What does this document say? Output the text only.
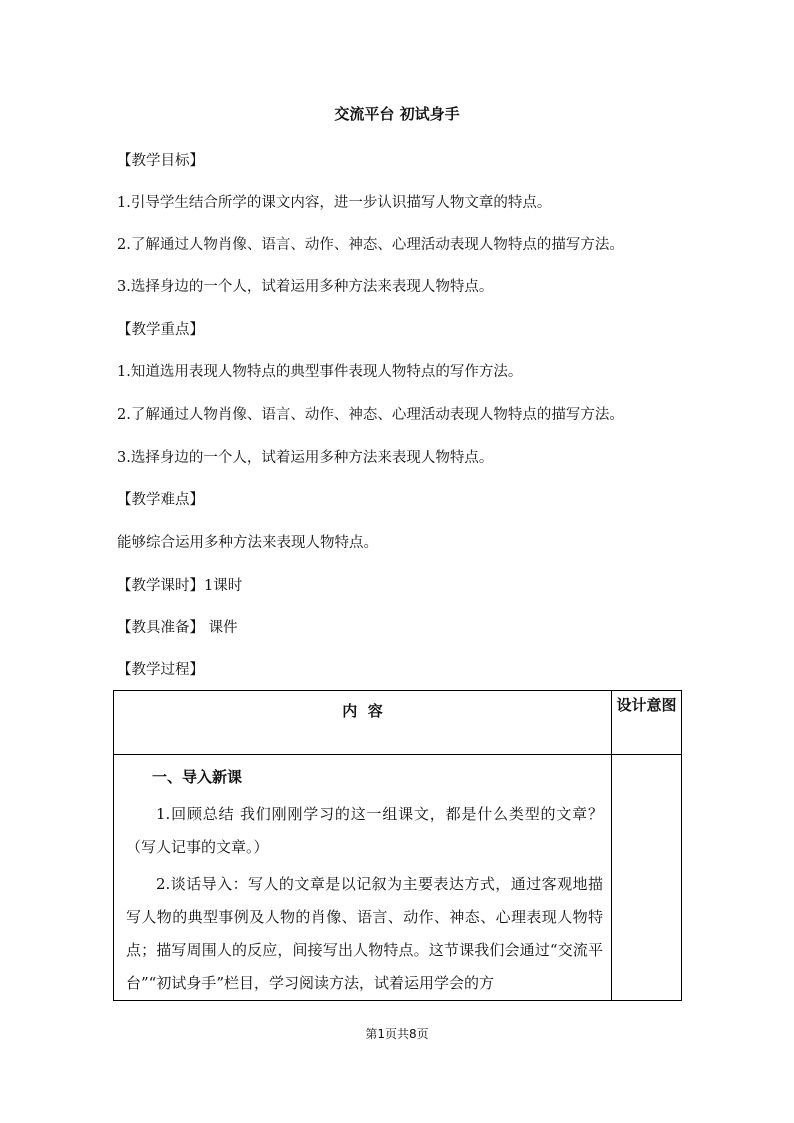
交流平台 初试身手
【教学目标】
1.引导学生结合所学的课文内容，进一步认识描写人物文章的特点。
2.了解通过人物肖像、语言、动作、神态、心理活动表现人物特点的描写方法。
3.选择身边的一个人，试着运用多种方法来表现人物特点。
【教学重点】
1.知道选用表现人物特点的典型事件表现人物特点的写作方法。
2.了解通过人物肖像、语言、动作、神态、心理活动表现人物特点的描写方法。
3.选择身边的一个人，试着运用多种方法来表现人物特点。
【教学难点】
能够综合运用多种方法来表现人物特点。
【教学课时】1课时
【教具准备】 课件
【教学过程】
内  容	设计意图

一、导入新课
1.回顾总结 我们刚刚学习的这一组课文，都是什么类型的文章？（写人记事的文章。）
2.谈话导入：写人的文章是以记叙为主要表达方式，通过客观地描写人物的典型事例及人物的肖像、语言、动作、神态、心理表现人物特点；描写周围人的反应，间接写出人物特点。这节课我们会通过“交流平台”“初试身手”栏目，学习阅读方法，试着运用学会的方	

第1页共8页
